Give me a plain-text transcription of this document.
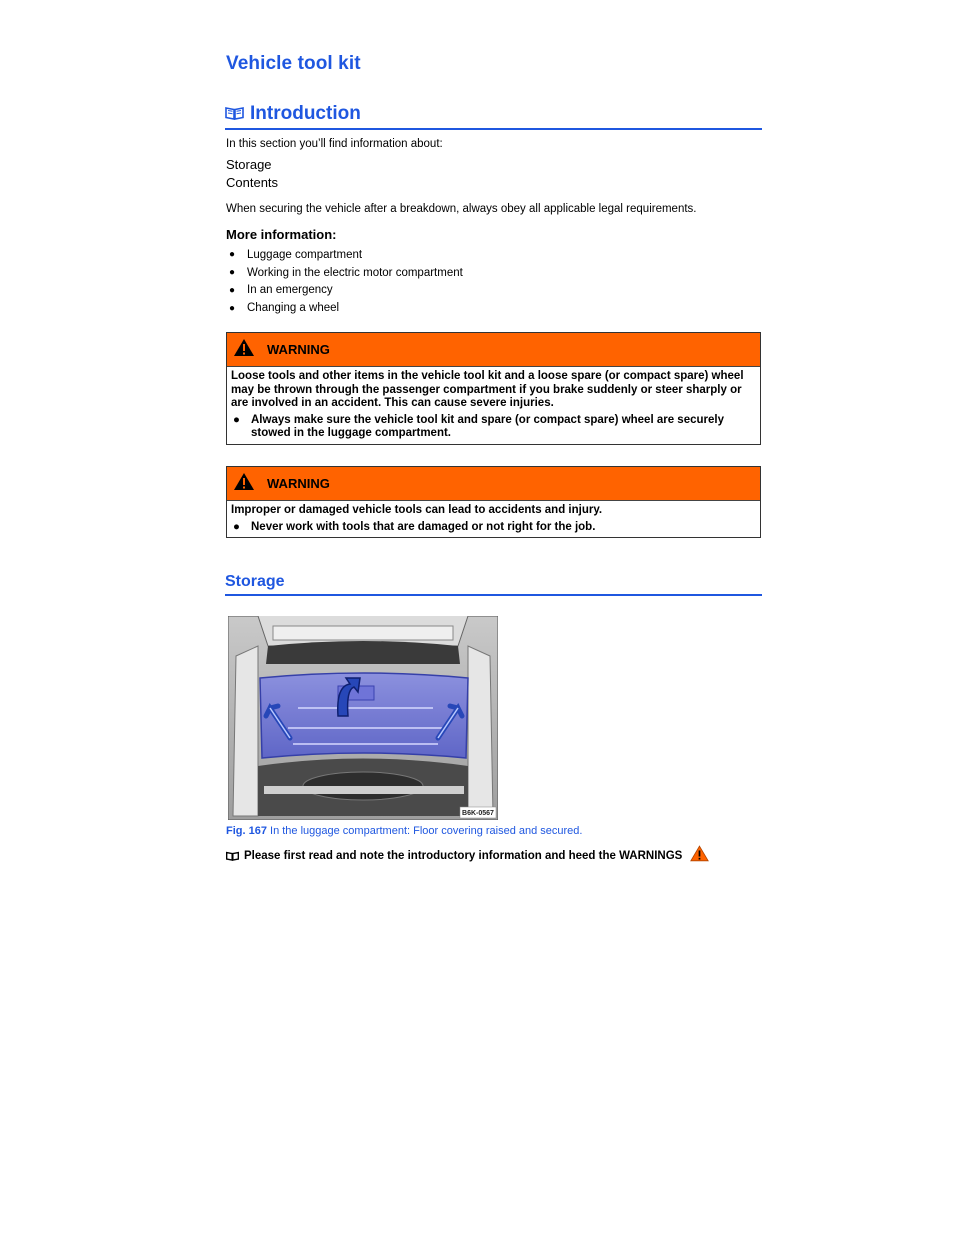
Vehicle tool kit
Introduction
In this section you’ll find information about:
Storage
Contents
When securing the vehicle after a breakdown, always obey all applicable legal requirements.
More information:
●	Luggage compartment
●	Working in the electric motor compartment
●	In an emergency
●	Changing a wheel
WARNING

Loose tools and other items in the vehicle tool kit and a loose spare (or compact spare) wheel may be thrown through the passenger compartment if you brake suddenly or steer sharply or are involved in an accident. This can cause severe injuries.

● Always make sure the vehicle tool kit and spare (or compact spare) wheel are securely stowed in the luggage compartment.
WARNING

Improper or damaged vehicle tools can lead to accidents and injury.

● Never work with tools that are damaged or not right for the job.
Storage
B6K-0567
Fig. 167 In the luggage compartment: Floor covering raised and secured.
Please first read and note the introductory information and heed the WARNINGS
